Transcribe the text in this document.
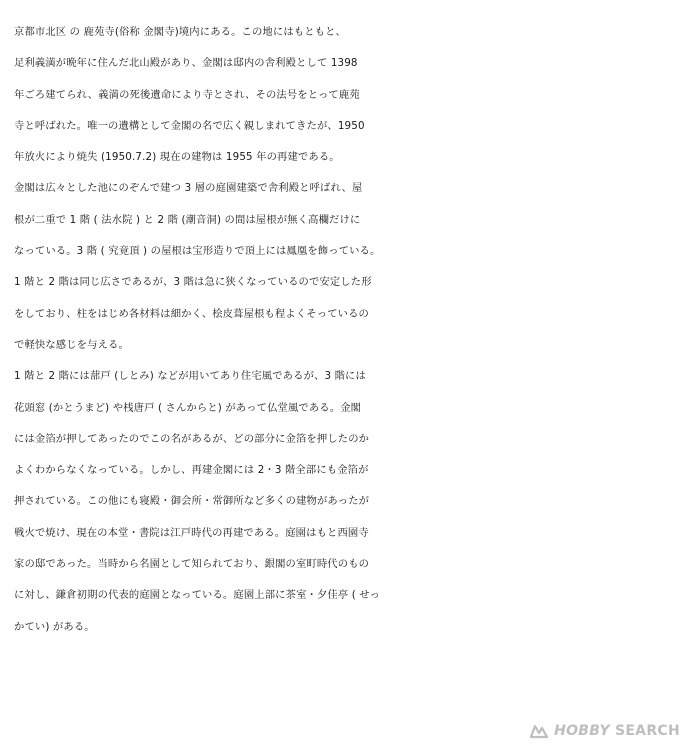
京都市北区 の 鹿苑寺(俗称 金閣寺)境内にある。この地にはもともと、
足利義満が晩年に住んだ北山殿があり、金閣は邸内の舎利殿として 1398
年ごろ建てられ、義満の死後遺命により寺とされ、その法号をとって鹿苑
寺と呼ばれた。唯一の遺構として金閣の名で広く親しまれてきたが、1950
年放火により焼失 (1950.7.2) 現在の建物は 1955 年の再建である。
金閣は広々とした池にのぞんで建つ 3 層の庭園建築で舎利殿と呼ばれ、屋
根が二重で 1 階 ( 法水院 ) と 2 階 (潮音洞) の間は屋根が無く高欄だけに
なっている。3 階 ( 究竟頂 ) の屋根は宝形造りで頂上には鳳凰を飾っている。
1 階と 2 階は同じ広さであるが、3 階は急に狭くなっているので安定した形
をしており、柱をはじめ各材料は細かく、桧皮葺屋根も程よくそっているの
で軽快な感じを与える。
1 階と 2 階には蔀戸 (しとみ) などが用いてあり住宅風であるが、3 階には
花頭窓 (かとうまど) や桟唐戸 ( さんからと) があって仏堂風である。金閣
には金箔が押してあったのでこの名があるが、どの部分に金箔を押したのか
よくわからなくなっている。しかし、再建金閣には 2・3 階全部にも金箔が
押されている。この他にも寝殿・御会所・常御所など多くの建物があったが
戦火で焼け、現在の本堂・書院は江戸時代の再建である。庭園はもと西園寺
家の邸であった。当時から名園として知られており、銀閣の室町時代のもの
に対し、鎌倉初期の代表的庭園となっている。庭園上部に茶室・夕佳亭 ( せっ
かてい) がある。
HOBBY SEARCH
